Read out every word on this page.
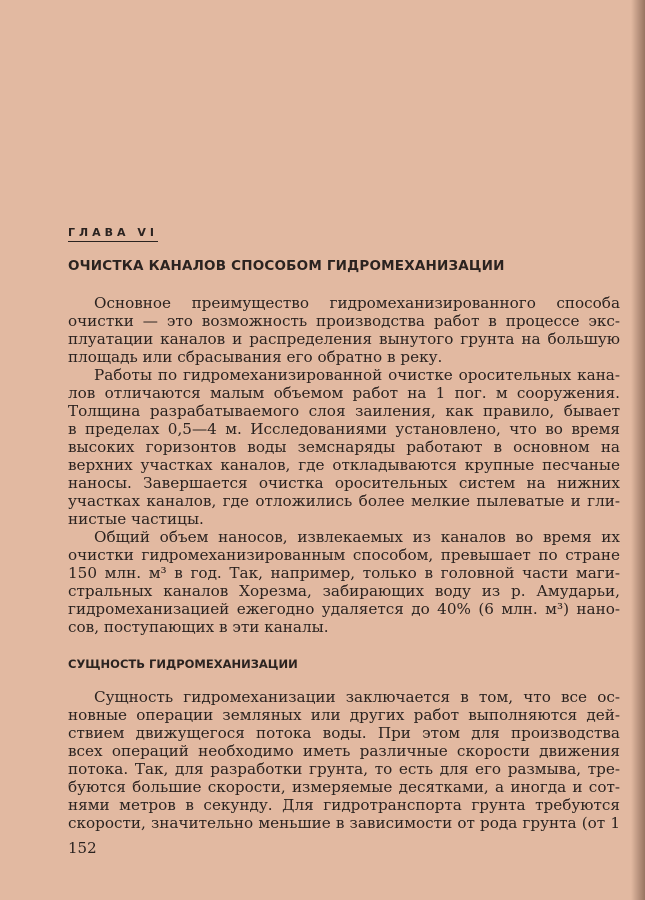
ГЛАВА VI
ОЧИСТКА КАНАЛОВ СПОСОБОМ ГИДРОМЕХАНИЗАЦИИ
Основное преимущество гидромеханизированного способа
очистки — это возможность производства работ в процессе экс-
плуатации каналов и распределения вынутого грунта на большую
площадь или сбрасывания его обратно в реку.
Работы по гидромеханизированной очистке оросительных кана-
лов отличаются малым объемом работ на 1 пог. м сооружения.
Толщина разрабатываемого слоя заиления, как правило, бывает
в пределах 0,5—4 м. Исследованиями установлено, что во время
высоких горизонтов воды земснаряды работают в основном на
верхних участках каналов, где откладываются крупные песчаные
наносы. Завершается очистка оросительных систем на нижних
участках каналов, где отложились более мелкие пылеватые и гли-
нистые частицы.
Общий объем наносов, извлекаемых из каналов во время их
очистки гидромеханизированным способом, превышает по стране
150 млн. м³ в год. Так, например, только в головной части маги-
стральных каналов Хорезма, забирающих воду из р. Амударьи,
гидромеханизацией ежегодно удаляется до 40% (6 млн. м³) нано-
сов, поступающих в эти каналы.
СУЩНОСТЬ ГИДРОМЕХАНИЗАЦИИ
Сущность гидромеханизации заключается в том, что все ос-
новные операции земляных или других работ выполняются дей-
ствием движущегося потока воды. При этом для производства
всех операций необходимо иметь различные скорости движения
потока. Так, для разработки грунта, то есть для его размыва, тре-
буются большие скорости, измеряемые десятками, а иногда и сот-
нями метров в секунду. Для гидротранспорта грунта требуются
скорости, значительно меньшие в зависимости от рода грунта (от 1
152
